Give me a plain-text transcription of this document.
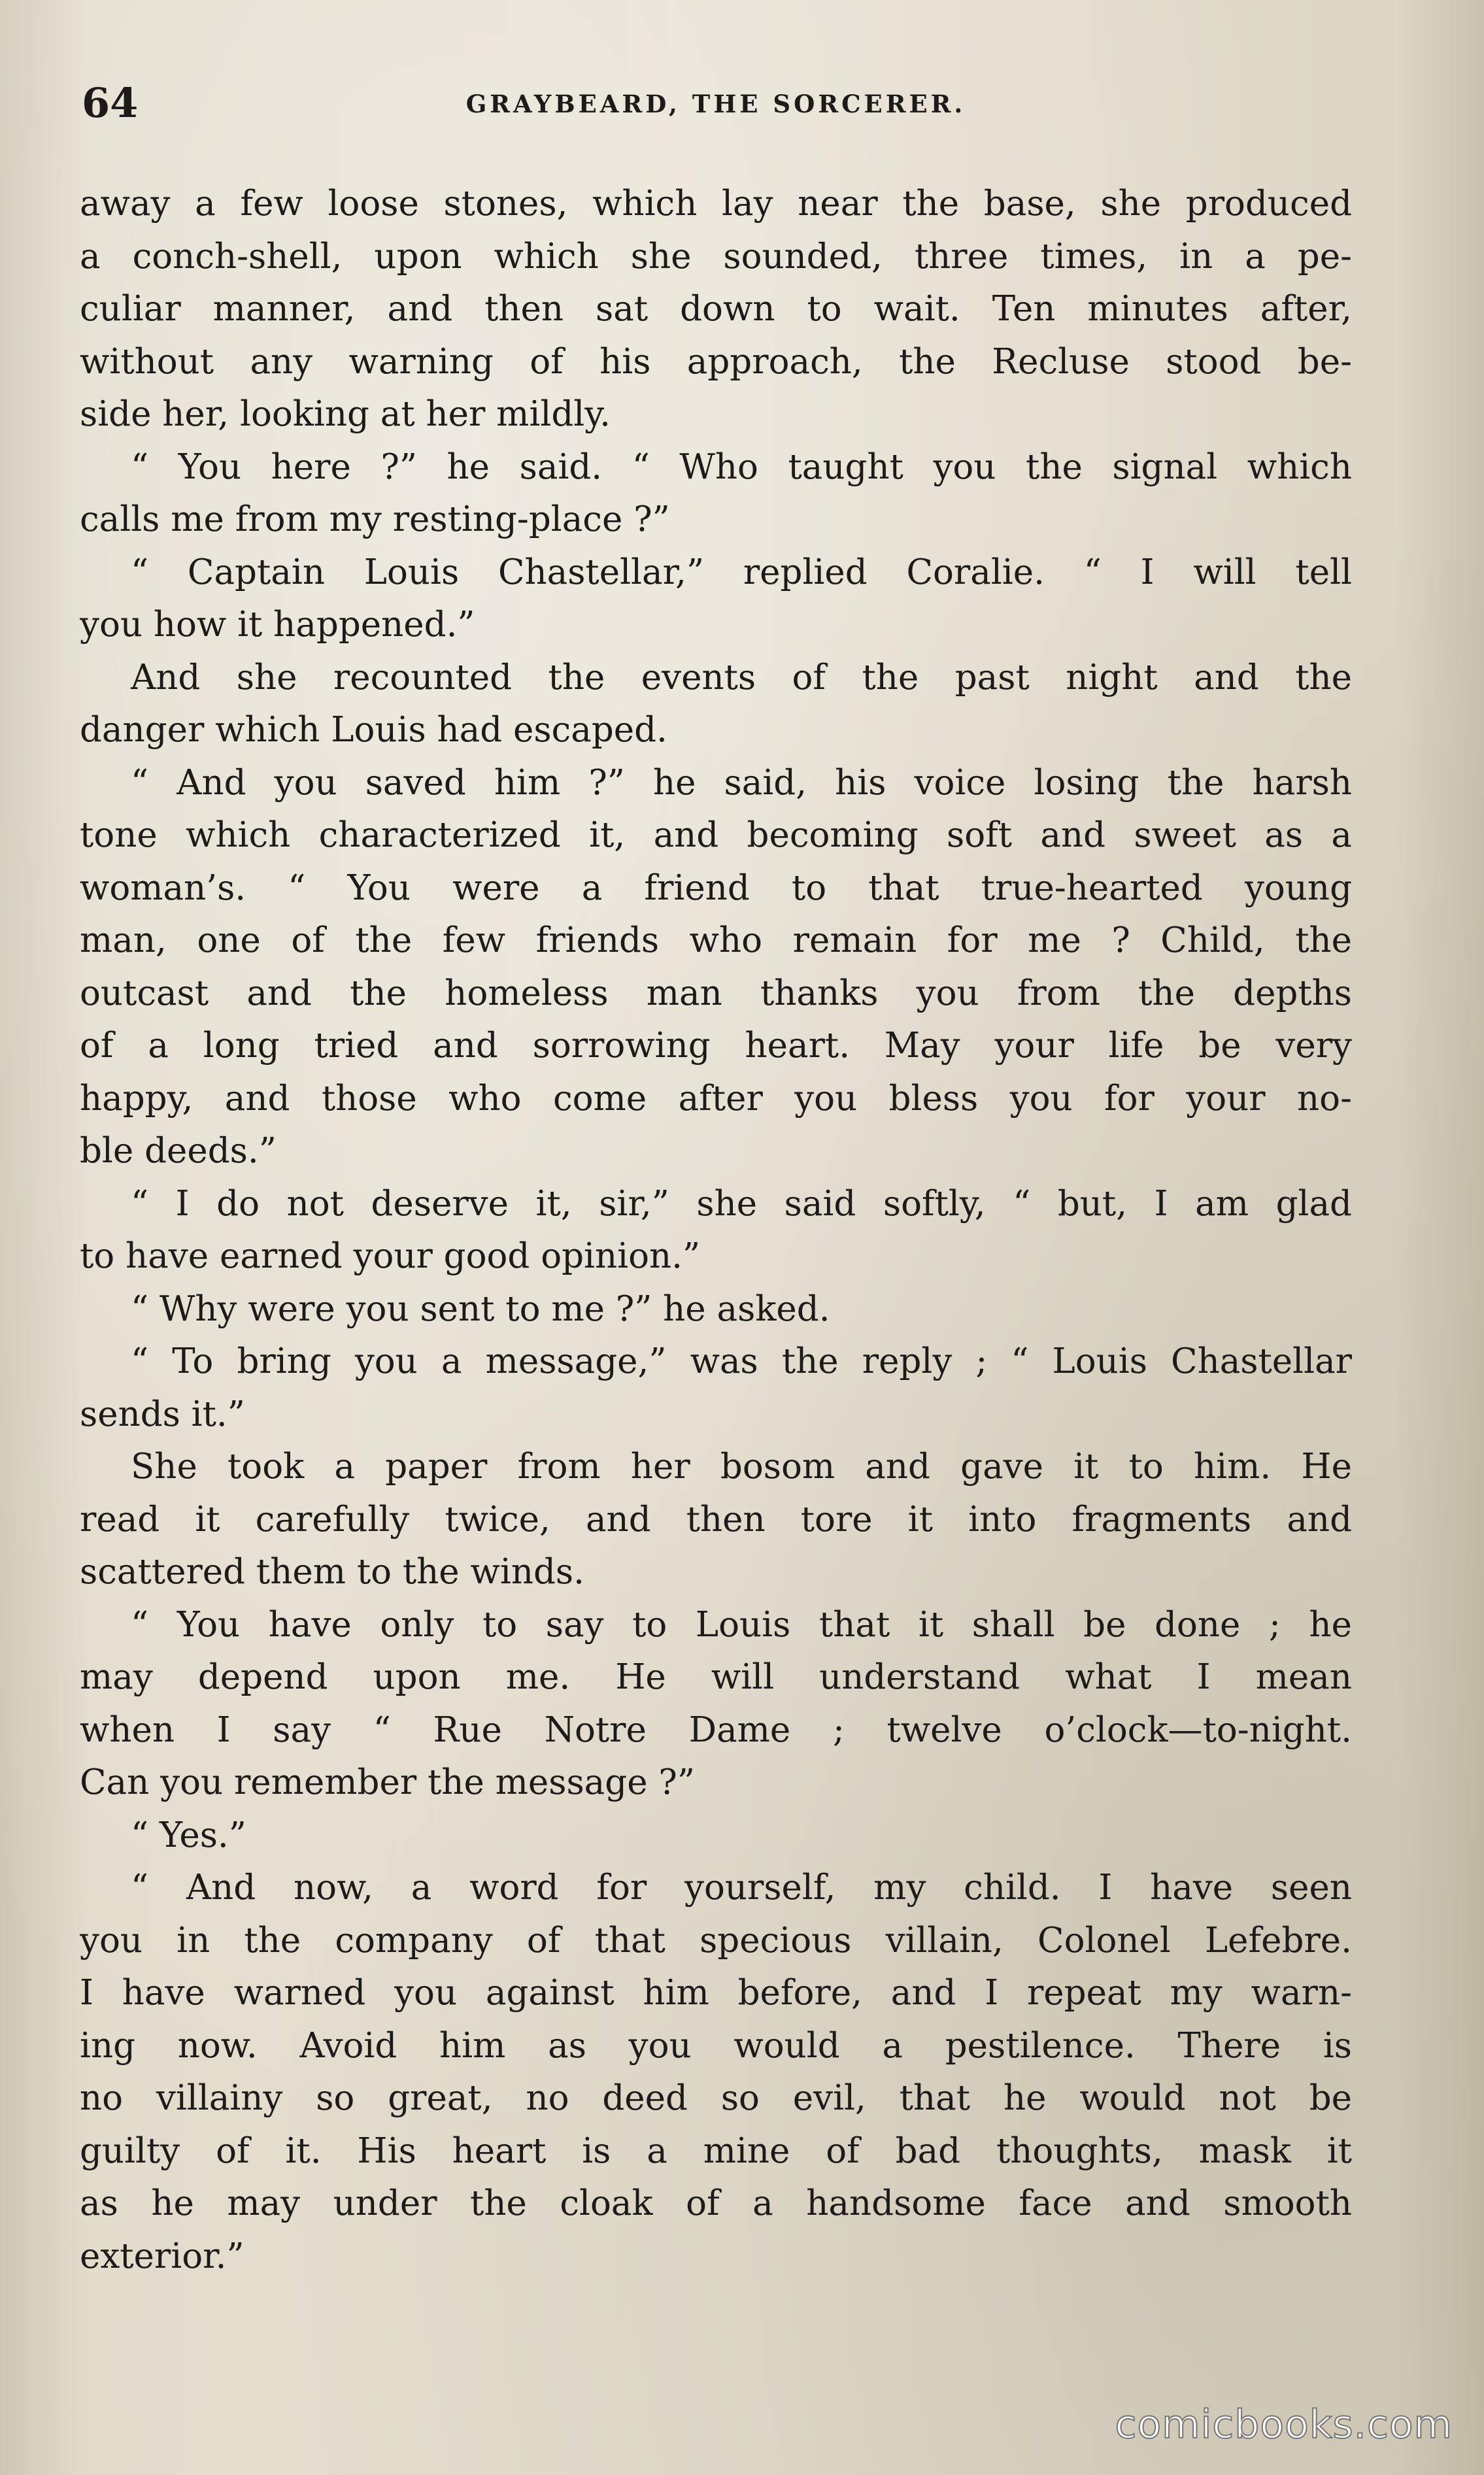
64	GRAYBEARD, THE SORCERER.
away a few loose stones, which lay near the base, she produced
a conch-shell, upon which she sounded, three times, in a pe-
culiar manner, and then sat down to wait. Ten minutes after,
without any warning of his approach, the Recluse stood be-
side her, looking at her mildly.
“ You here ?” he said. “ Who taught you the signal which
calls me from my resting-place ?”
“ Captain Louis Chastellar,” replied Coralie. “ I will tell
you how it happened.”
And she recounted the events of the past night and the
danger which Louis had escaped.
“ And you saved him ?” he said, his voice losing the harsh
tone which characterized it, and becoming soft and sweet as a
woman’s. “ You were a friend to that true-hearted young
man, one of the few friends who remain for me ? Child, the
outcast and the homeless man thanks you from the depths
of a long tried and sorrowing heart. May your life be very
happy, and those who come after you bless you for your no-
ble deeds.”
“ I do not deserve it, sir,” she said softly, “ but, I am glad
to have earned your good opinion.”
“ Why were you sent to me ?” he asked.
“ To bring you a message,” was the reply ; “ Louis Chastellar
sends it.”
She took a paper from her bosom and gave it to him. He
read it carefully twice, and then tore it into fragments and
scattered them to the winds.
“ You have only to say to Louis that it shall be done ; he
may depend upon me. He will understand what I mean
when I say “ Rue Notre Dame ; twelve o’clock—to-night.
Can you remember the message ?”
“ Yes.”
“ And now, a word for yourself, my child. I have seen
you in the company of that specious villain, Colonel Lefebre.
I have warned you against him before, and I repeat my warn-
ing now. Avoid him as you would a pestilence. There is
no villainy so great, no deed so evil, that he would not be
guilty of it. His heart is a mine of bad thoughts, mask it
as he may under the cloak of a handsome face and smooth
exterior.”
comicbooks.com
